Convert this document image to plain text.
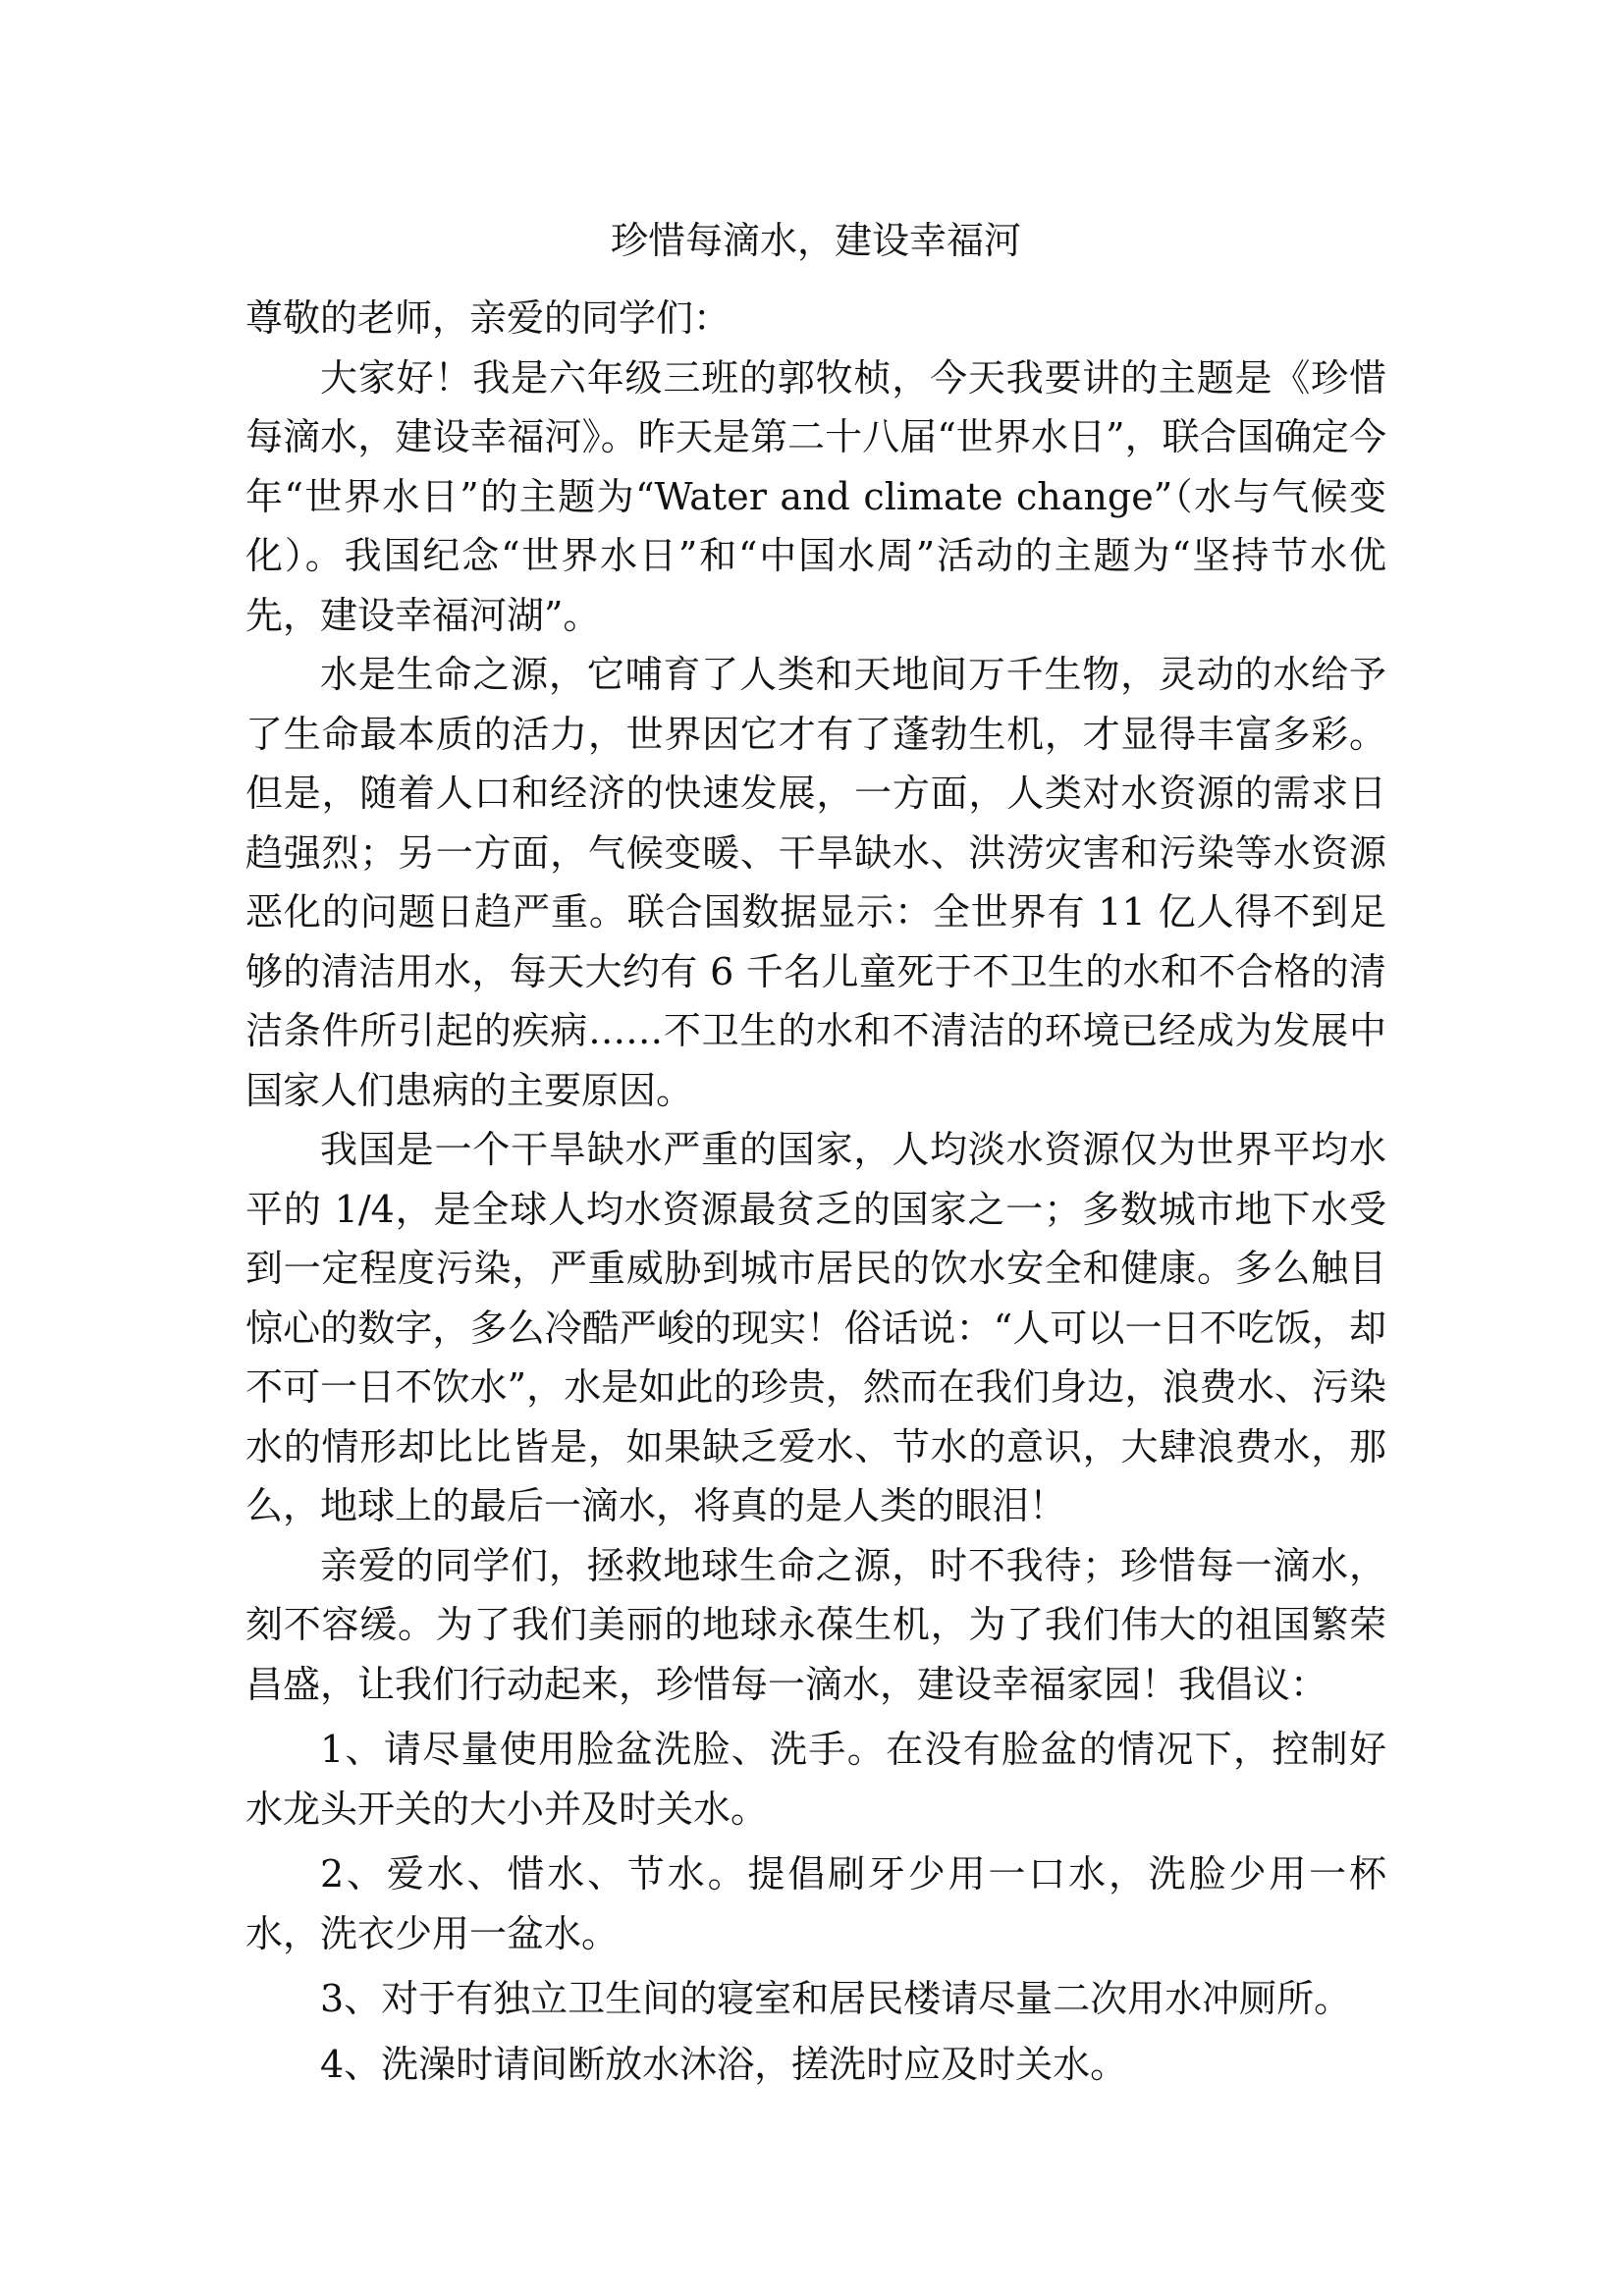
珍惜每滴水，建设幸福河

尊敬的老师，亲爱的同学们：

大家好！我是六年级三班的郭牧桢，今天我要讲的主题是《珍惜每滴水，建设幸福河》。昨天是第二十八届“世界水日”，联合国确定今年“世界水日”的主题为“Water and climate change”（水与气候变化）。我国纪念“世界水日”和“中国水周”活动的主题为“坚持节水优先，建设幸福河湖”。

水是生命之源，它哺育了人类和天地间万千生物，灵动的水给予了生命最本质的活力，世界因它才有了蓬勃生机，才显得丰富多彩。但是，随着人口和经济的快速发展，一方面，人类对水资源的需求日趋强烈；另一方面，气候变暖、干旱缺水、洪涝灾害和污染等水资源恶化的问题日趋严重。联合国数据显示：全世界有 11 亿人得不到足够的清洁用水，每天大约有 6 千名儿童死于不卫生的水和不合格的清洁条件所引起的疾病……不卫生的水和不清洁的环境已经成为发展中国家人们患病的主要原因。

我国是一个干旱缺水严重的国家，人均淡水资源仅为世界平均水平的 1/4，是全球人均水资源最贫乏的国家之一；多数城市地下水受到一定程度污染，严重威胁到城市居民的饮水安全和健康。多么触目惊心的数字，多么冷酷严峻的现实！俗话说：“人可以一日不吃饭，却不可一日不饮水”，水是如此的珍贵，然而在我们身边，浪费水、污染水的情形却比比皆是，如果缺乏爱水、节水的意识，大肆浪费水，那么，地球上的最后一滴水，将真的是人类的眼泪！

亲爱的同学们，拯救地球生命之源，时不我待；珍惜每一滴水，刻不容缓。为了我们美丽的地球永葆生机，为了我们伟大的祖国繁荣昌盛，让我们行动起来，珍惜每一滴水，建设幸福家园！我倡议：

1、请尽量使用脸盆洗脸、洗手。在没有脸盆的情况下，控制好水龙头开关的大小并及时关水。

2、爱水、惜水、节水。提倡刷牙少用一口水，洗脸少用一杯水，洗衣少用一盆水。

3、对于有独立卫生间的寝室和居民楼请尽量二次用水冲厕所。

4、洗澡时请间断放水沐浴，搓洗时应及时关水。
